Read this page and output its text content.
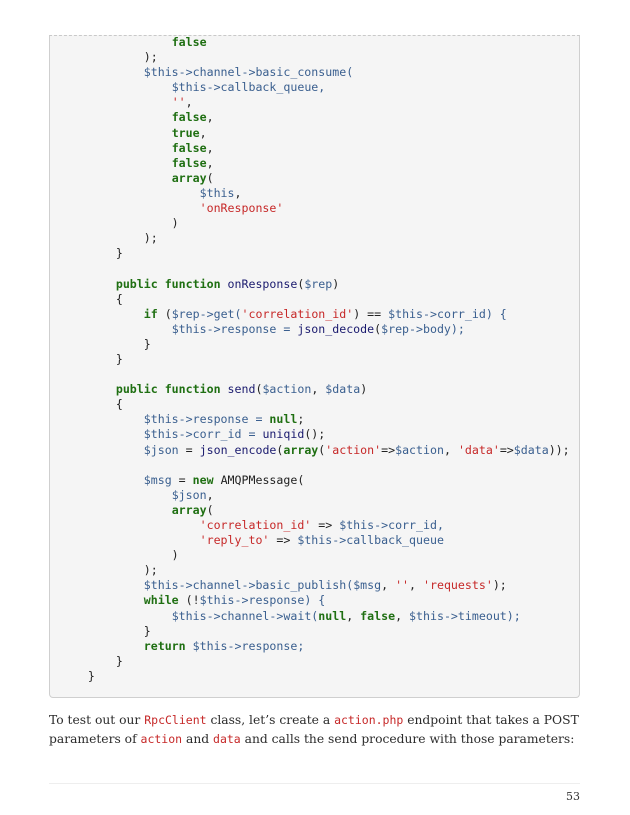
false
);
$this->channel->basic_consume(
$this->callback_queue,
'',
false,
true,
false,
false,
array(
$this,
'onResponse'
)
);
}
public function onResponse($rep)
{
if ($rep->get('correlation_id') == $this->corr_id) {
$this->response = json_decode($rep->body);
}
}
public function send($action, $data)
{
$this->response = null;
$this->corr_id = uniqid();
$json = json_encode(array('action'=>$action, 'data'=>$data));
$msg = new AMQPMessage(
$json,
array(
'correlation_id' => $this->corr_id,
'reply_to' => $this->callback_queue
)
);
$this->channel->basic_publish($msg, '', 'requests');
while (!$this->response) {
$this->channel->wait(null, false, $this->timeout);
}
return $this->response;
}
}

To test out our RpcClient class, let’s create a action.php endpoint that takes a POST parameters of action and data and calls the send procedure with those parameters:

53
